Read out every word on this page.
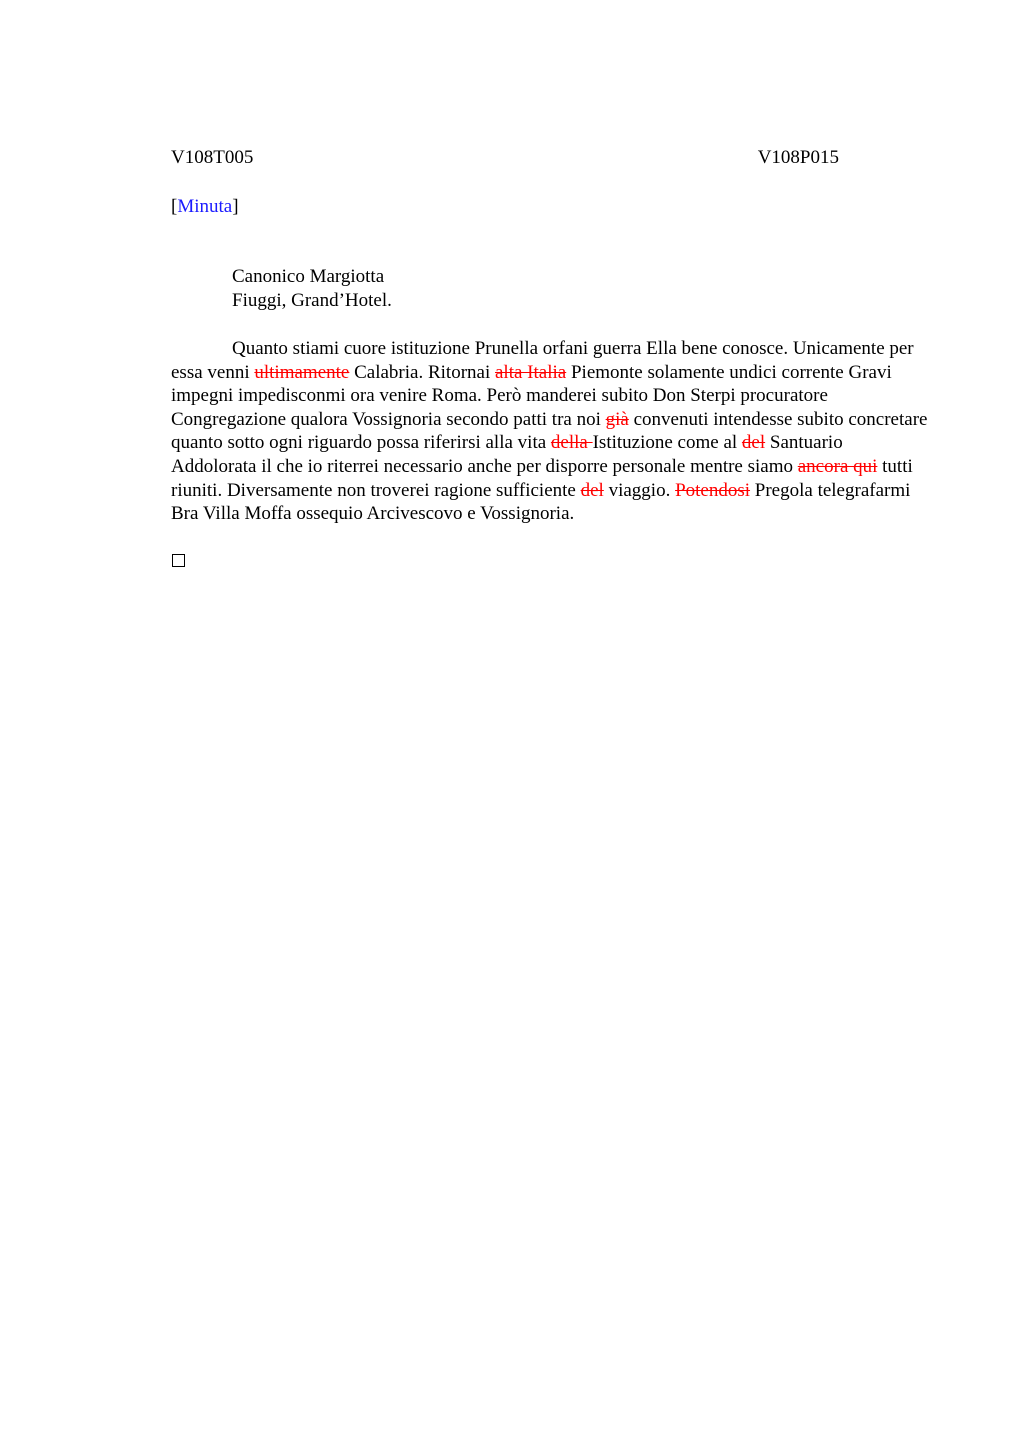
V108T005	V108P015
[Minuta]
Canonico Margiotta
Fiuggi, Grand’Hotel.
Quanto stiami cuore istituzione Prunella orfani guerra Ella bene conosce. Unicamente per essa venni ultimamente Calabria. Ritornai alta Italia Piemonte solamente undici corrente Gravi impegni impedisconmi ora venire Roma. Però manderei subito Don Sterpi procuratore Congregazione qualora Vossignoria secondo patti tra noi già convenuti intendesse subito concretare quanto sotto ogni riguardo possa riferirsi alla vita della Istituzione come al del Santuario Addolorata il che io riterrei necessario anche per disporre personale mentre siamo ancora qui tutti riuniti. Diversamente non troverei ragione sufficiente del viaggio. Potendosi Pregola telegrafarmi Bra Villa Moffa ossequio Arcivescovo e Vossignoria.
